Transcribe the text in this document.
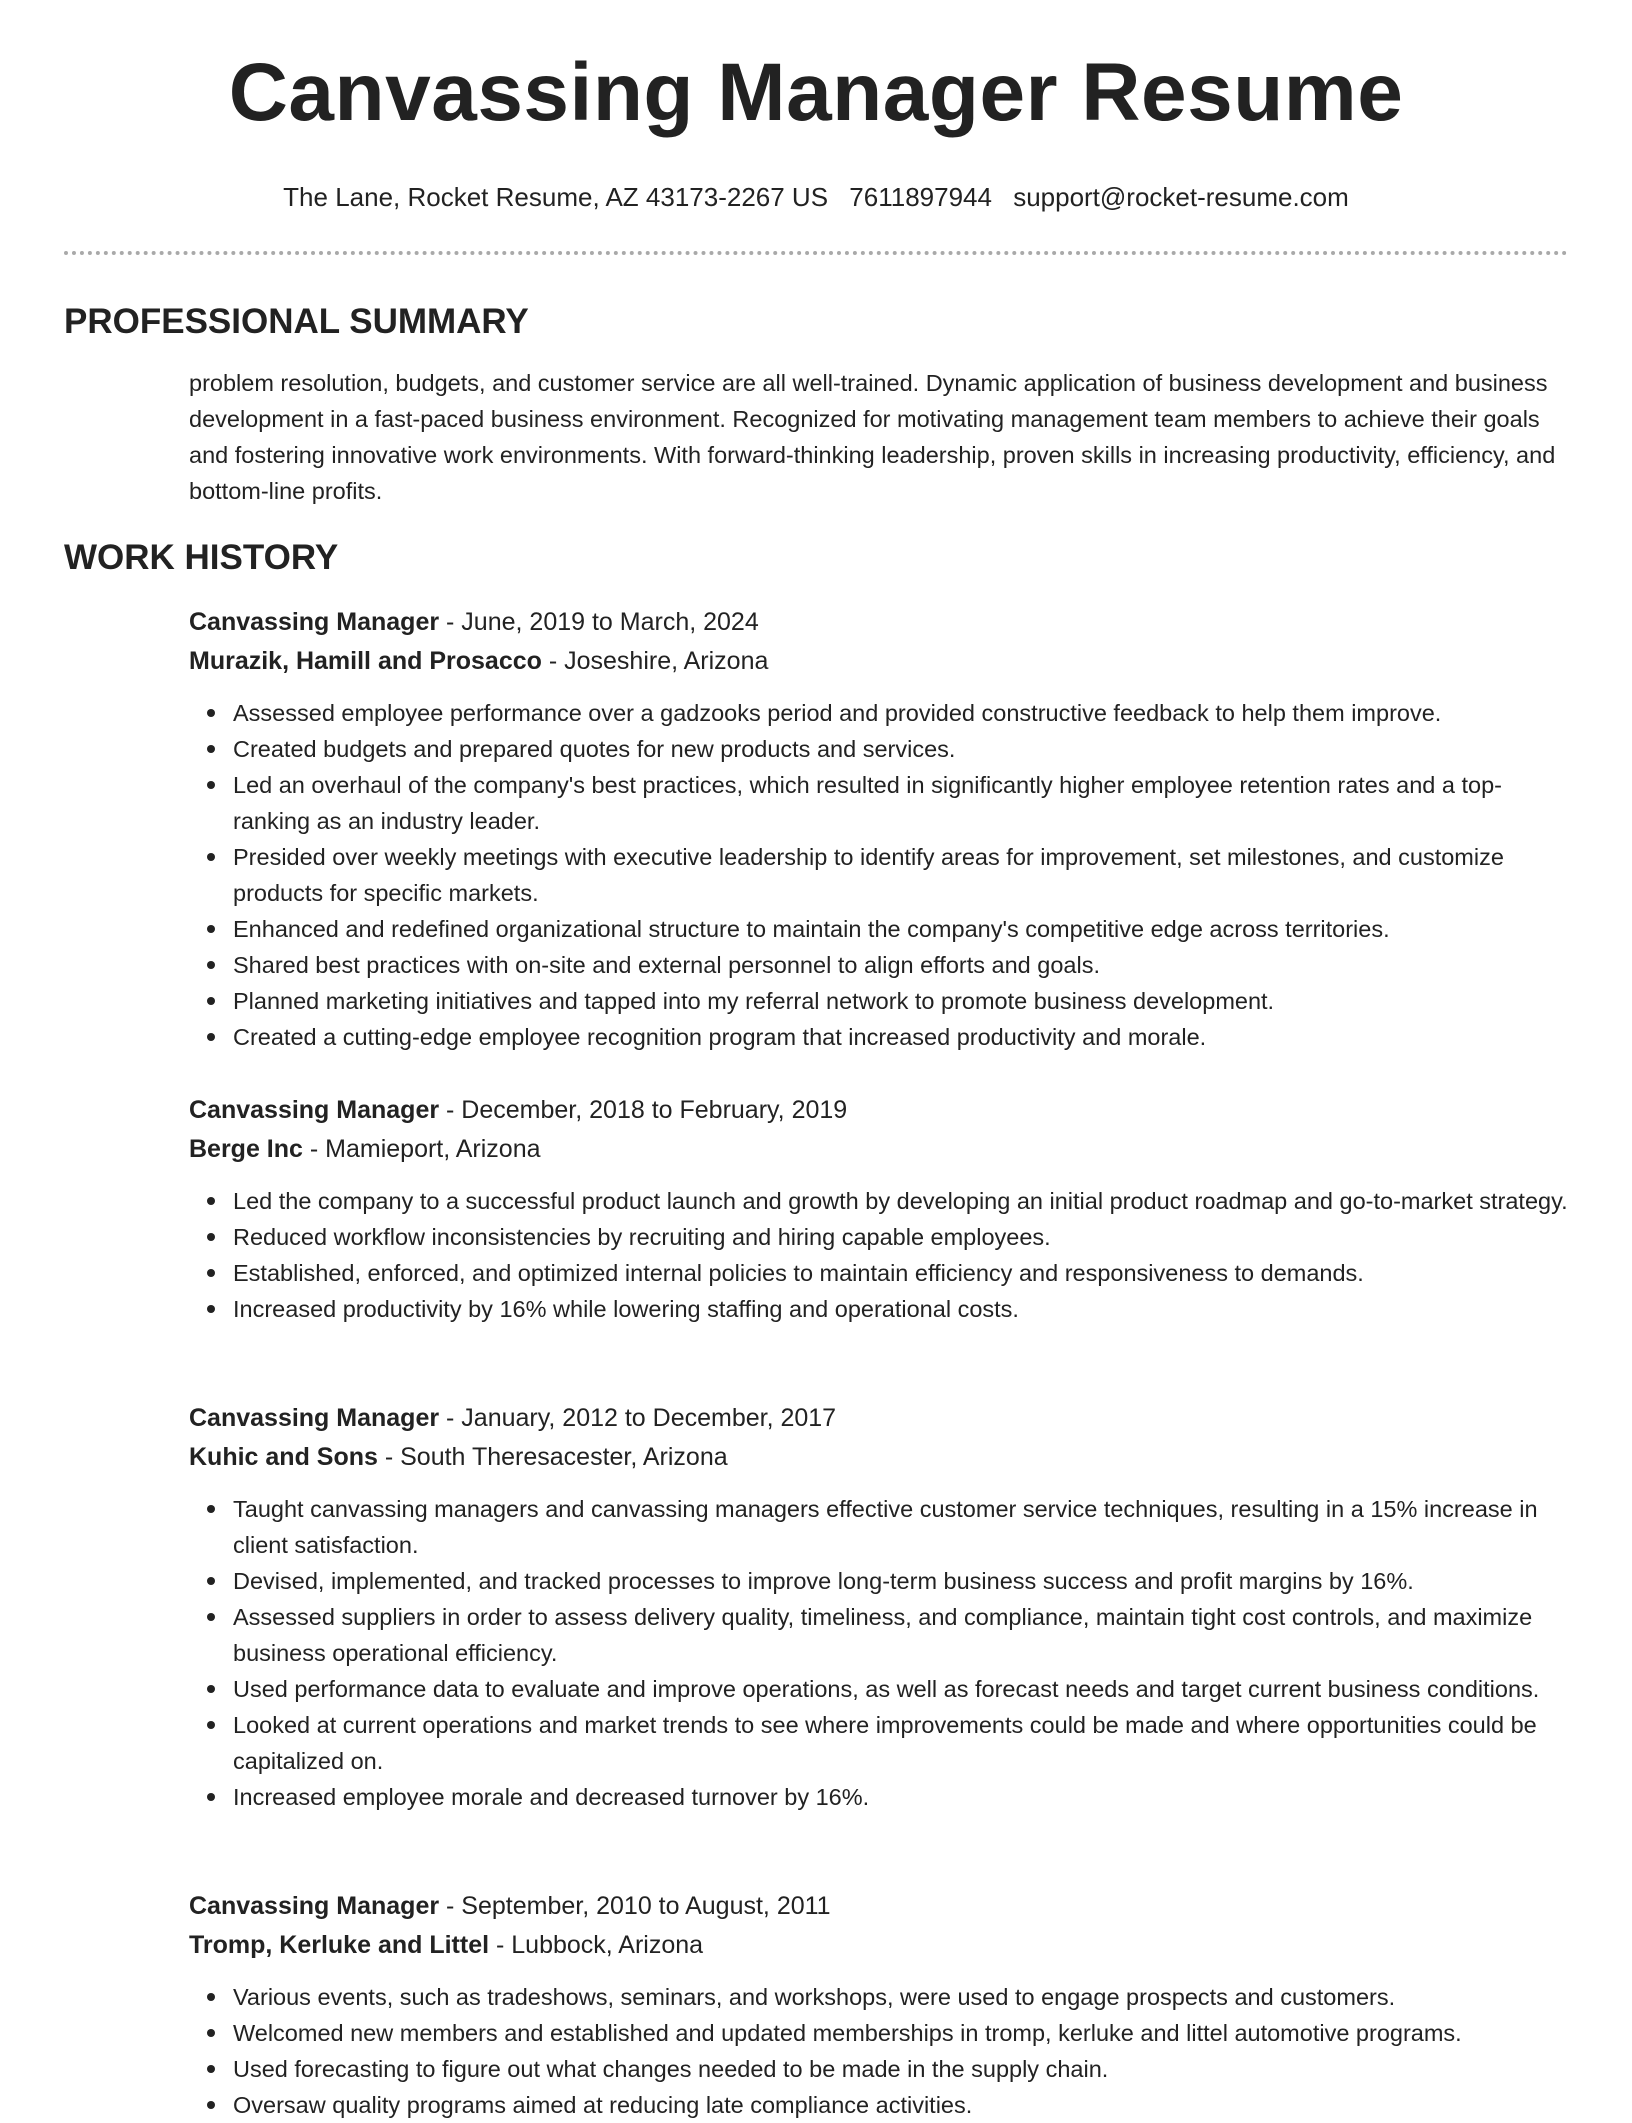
Canvassing Manager Resume
The Lane, Rocket Resume, AZ 43173-2267 US 7611897944 support@rocket-resume.com
PROFESSIONAL SUMMARY

problem resolution, budgets, and customer service are all well-trained. Dynamic application of business development and business development in a fast-paced business environment. Recognized for motivating management team members to achieve their goals and fostering innovative work environments. With forward-thinking leadership, proven skills in increasing productivity, efficiency, and bottom-line profits.

WORK HISTORY
Canvassing Manager - June, 2019 to March, 2024
Murazik, Hamill and Prosacco - Joseshire, Arizona
Assessed employee performance over a gadzooks period and provided constructive feedback to help them improve.
Created budgets and prepared quotes for new products and services.
Led an overhaul of the company's best practices, which resulted in significantly higher employee retention rates and a top-ranking as an industry leader.
Presided over weekly meetings with executive leadership to identify areas for improvement, set milestones, and customize products for specific markets.
Enhanced and redefined organizational structure to maintain the company's competitive edge across territories.
Shared best practices with on-site and external personnel to align efforts and goals.
Planned marketing initiatives and tapped into my referral network to promote business development.
Created a cutting-edge employee recognition program that increased productivity and morale.
Canvassing Manager - December, 2018 to February, 2019
Berge Inc - Mamieport, Arizona
Led the company to a successful product launch and growth by developing an initial product roadmap and go-to-market strategy.
Reduced workflow inconsistencies by recruiting and hiring capable employees.
Established, enforced, and optimized internal policies to maintain efficiency and responsiveness to demands.
Increased productivity by 16% while lowering staffing and operational costs.
Canvassing Manager - January, 2012 to December, 2017
Kuhic and Sons - South Theresacester, Arizona
Taught canvassing managers and canvassing managers effective customer service techniques, resulting in a 15% increase in client satisfaction.
Devised, implemented, and tracked processes to improve long-term business success and profit margins by 16%.
Assessed suppliers in order to assess delivery quality, timeliness, and compliance, maintain tight cost controls, and maximize business operational efficiency.
Used performance data to evaluate and improve operations, as well as forecast needs and target current business conditions.
Looked at current operations and market trends to see where improvements could be made and where opportunities could be capitalized on.
Increased employee morale and decreased turnover by 16%.
Canvassing Manager - September, 2010 to August, 2011
Tromp, Kerluke and Littel - Lubbock, Arizona
Various events, such as tradeshows, seminars, and workshops, were used to engage prospects and customers.
Welcomed new members and established and updated memberships in tromp, kerluke and littel automotive programs.
Used forecasting to figure out what changes needed to be made in the supply chain.
Oversaw quality programs aimed at reducing late compliance activities.
